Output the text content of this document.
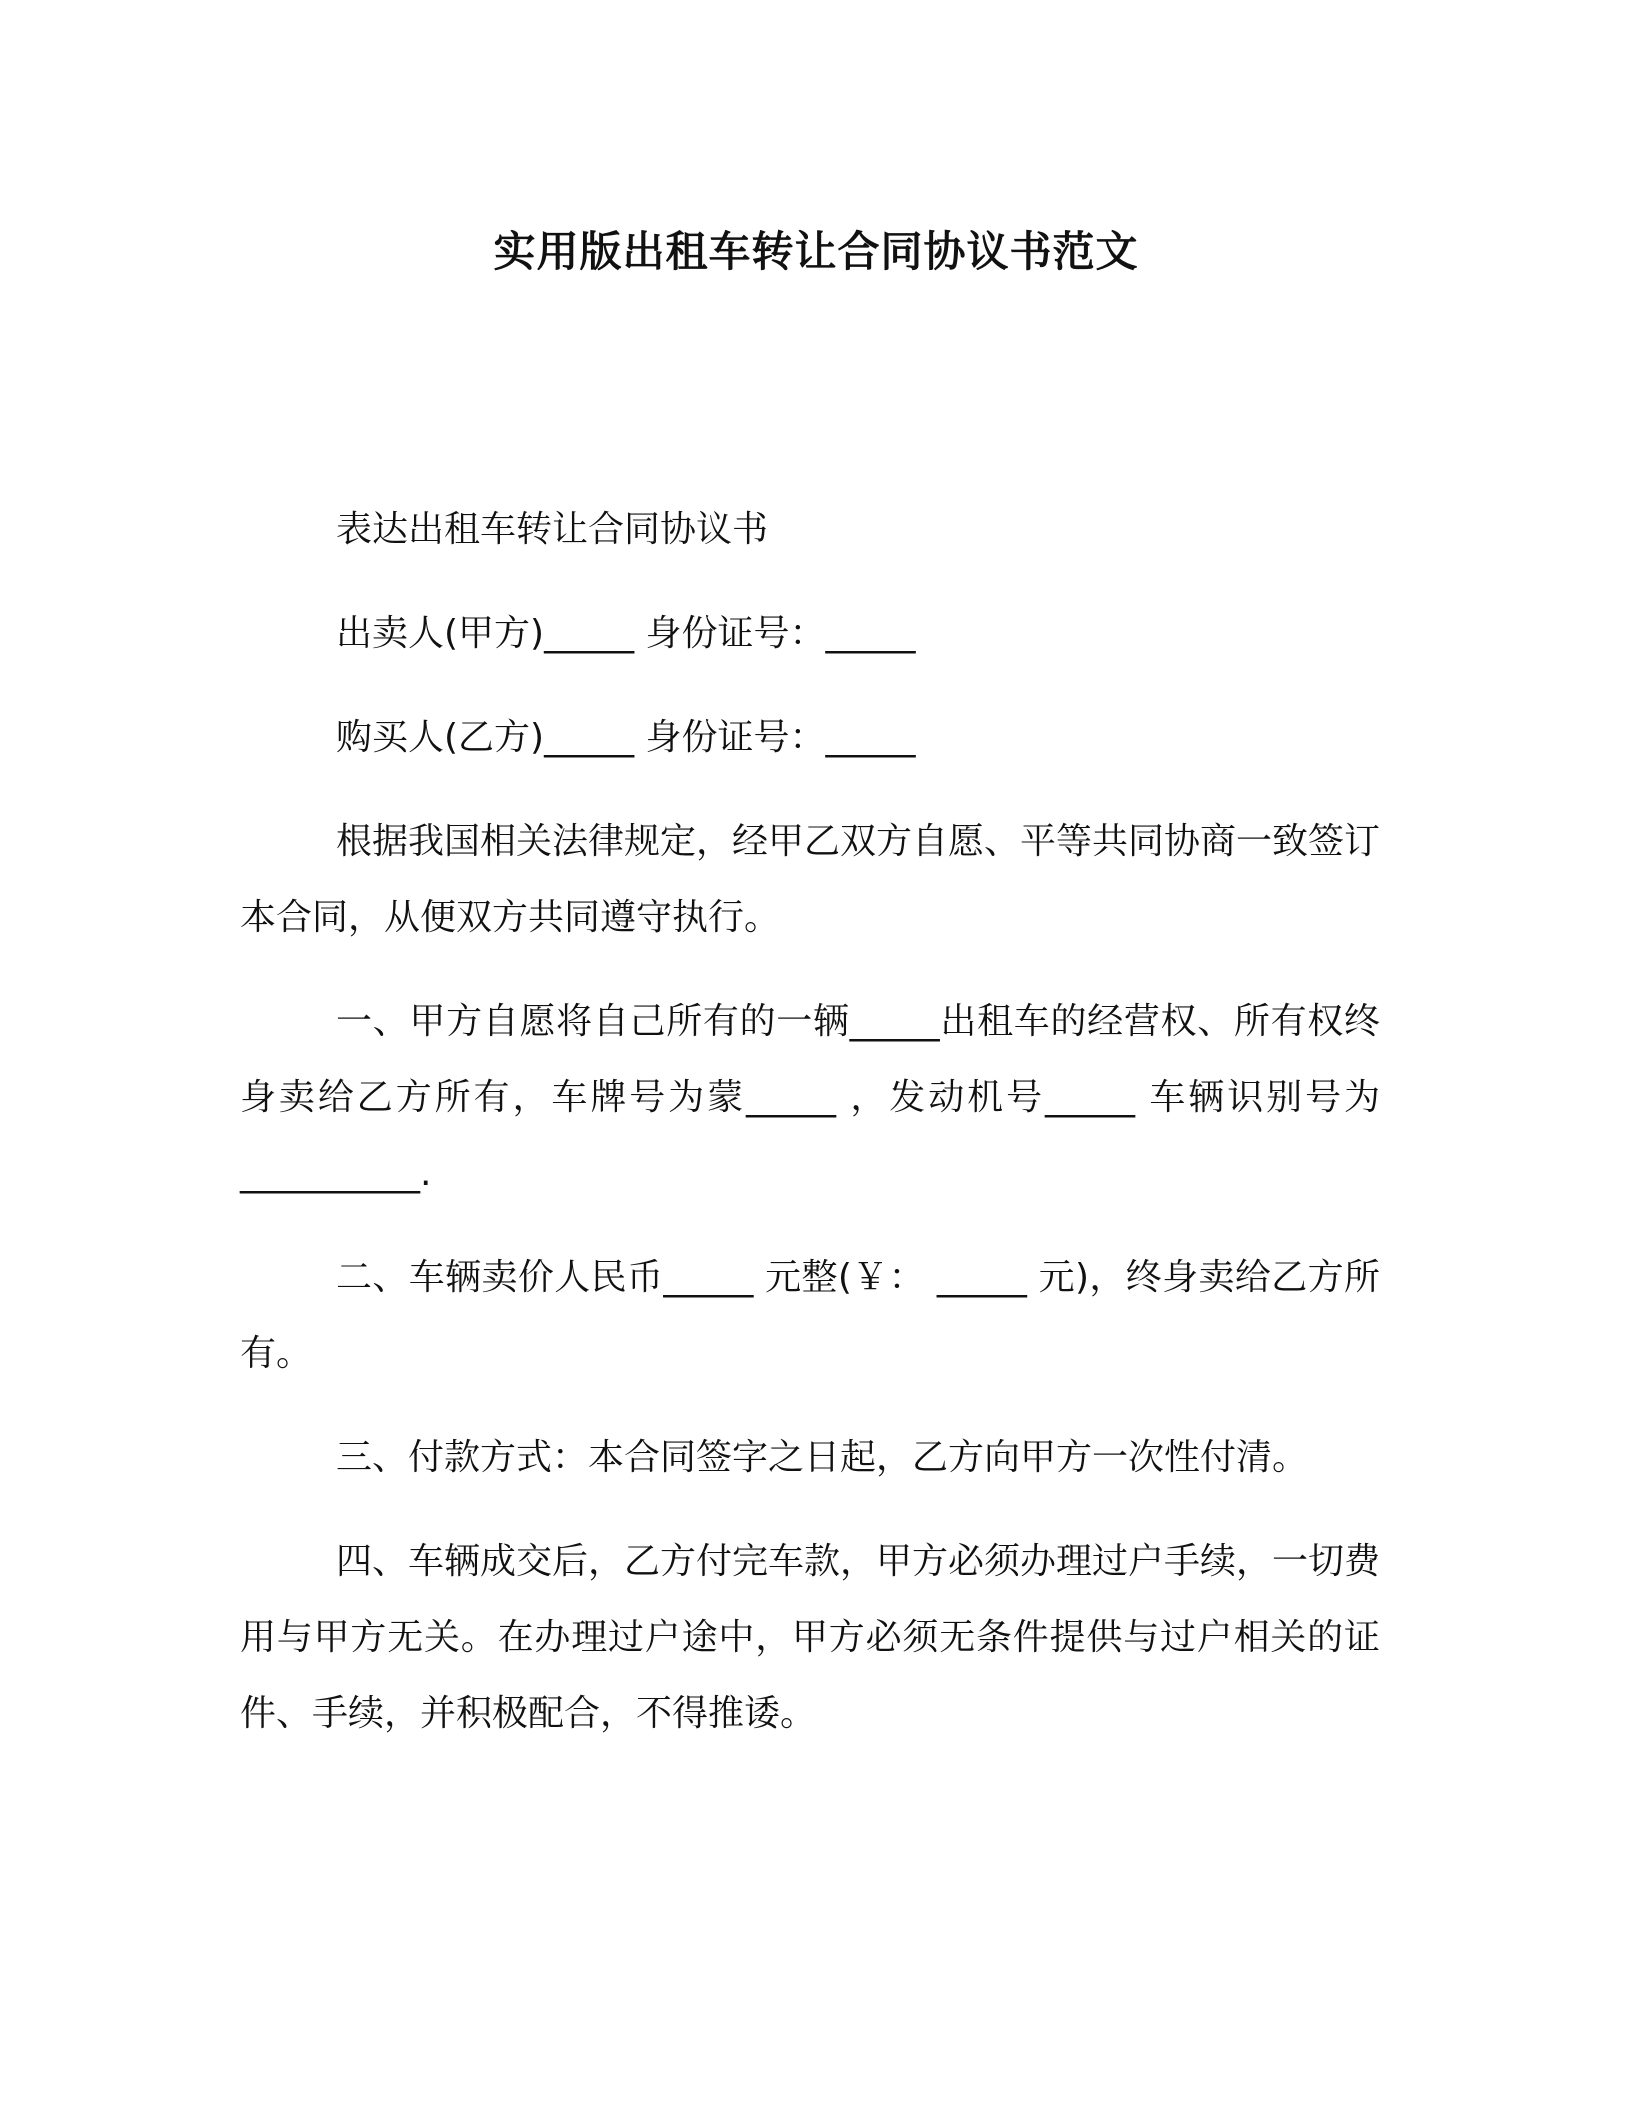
实用版出租车转让合同协议书范文

表达出租车转让合同协议书

出卖人(甲方)_____ 身份证号：_____

购买人(乙方)_____ 身份证号：_____

根据我国相关法律规定，经甲乙双方自愿、平等共同协商一致签订本合同，从便双方共同遵守执行。

一、甲方自愿将自己所有的一辆_____出租车的经营权、所有权终身卖给乙方所有，车牌号为蒙_____ ，发动机号_____ 车辆识别号为__________.

二、车辆卖价人民币_____ 元整(￥： _____ 元)，终身卖给乙方所有。

三、付款方式：本合同签字之日起，乙方向甲方一次性付清。

四、车辆成交后，乙方付完车款，甲方必须办理过户手续，一切费用与甲方无关。在办理过户途中，甲方必须无条件提供与过户相关的证件、手续，并积极配合，不得推诿。
